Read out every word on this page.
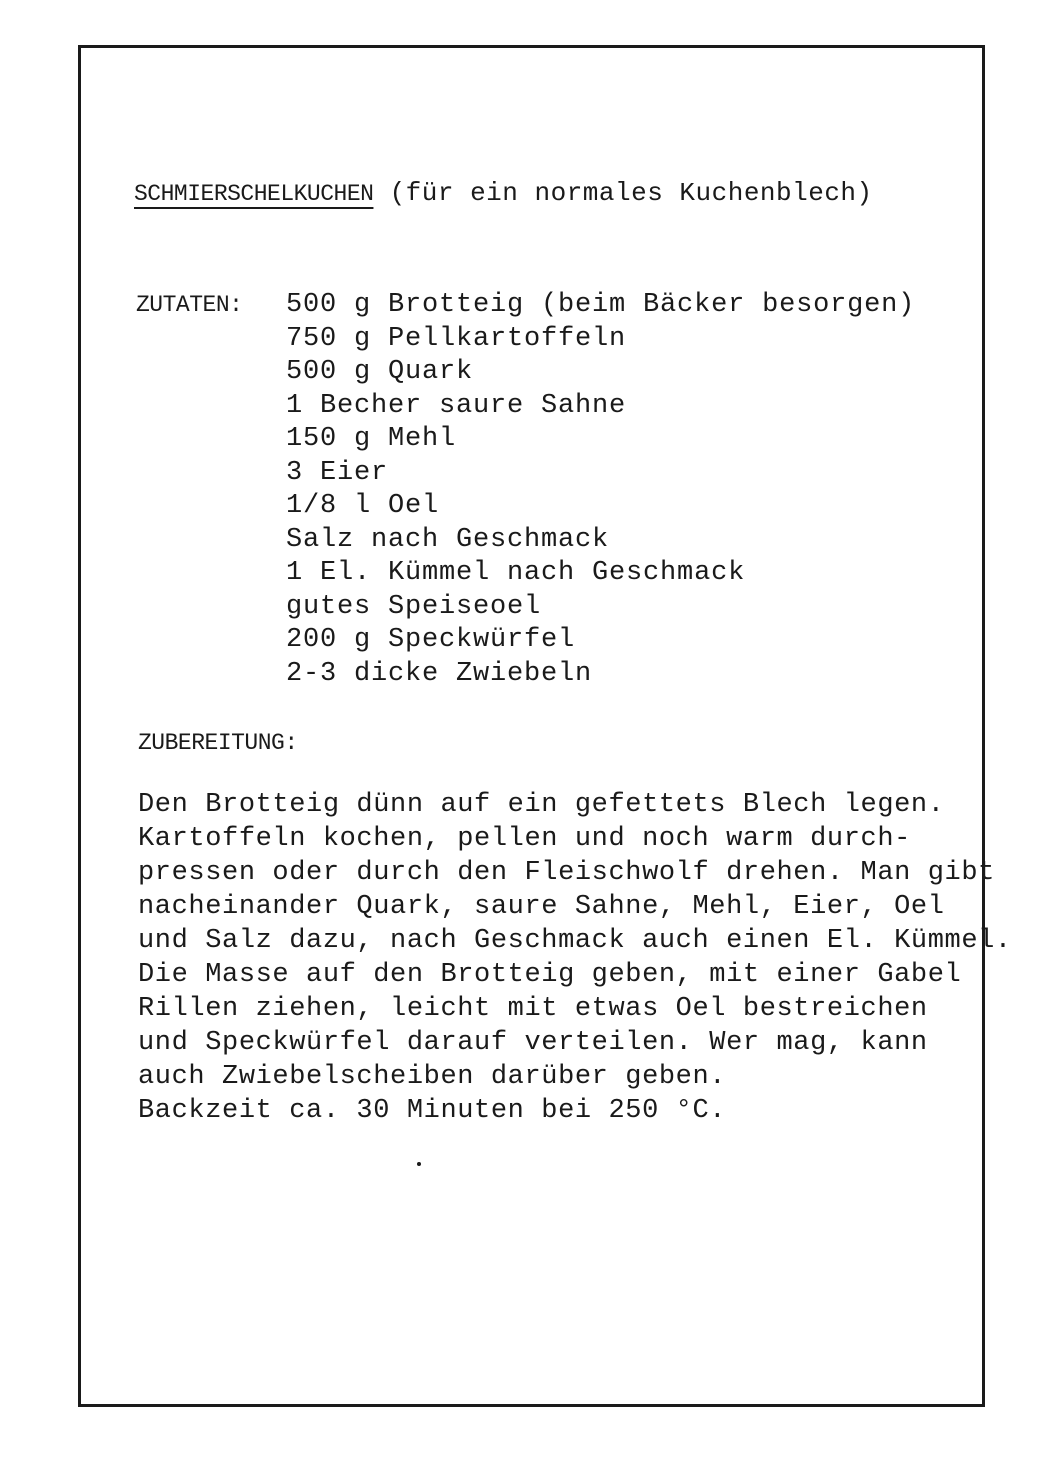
SCHMIERSCHELKUCHEN (für ein normales Kuchenblech)
ZUTATEN: 500 g Brotteig (beim Bäcker besorgen)
750 g Pellkartoffeln
500 g Quark
1 Becher saure Sahne
150 g Mehl
3 Eier
1/8 l Oel
Salz nach Geschmack
1 El. Kümmel nach Geschmack
gutes Speiseoel
200 g Speckwürfel
2-3 dicke Zwiebeln
ZUBEREITUNG:
Den Brotteig dünn auf ein gefettets Blech legen.
Kartoffeln kochen, pellen und noch warm durch-
pressen oder durch den Fleischwolf drehen. Man gibt
nacheinander Quark, saure Sahne, Mehl, Eier, Oel
und Salz dazu, nach Geschmack auch einen El. Kümmel.
Die Masse auf den Brotteig geben, mit einer Gabel
Rillen ziehen, leicht mit etwas Oel bestreichen
und Speckwürfel darauf verteilen. Wer mag, kann
auch Zwiebelscheiben darüber geben.
Backzeit ca. 30 Minuten bei 250 °C.
